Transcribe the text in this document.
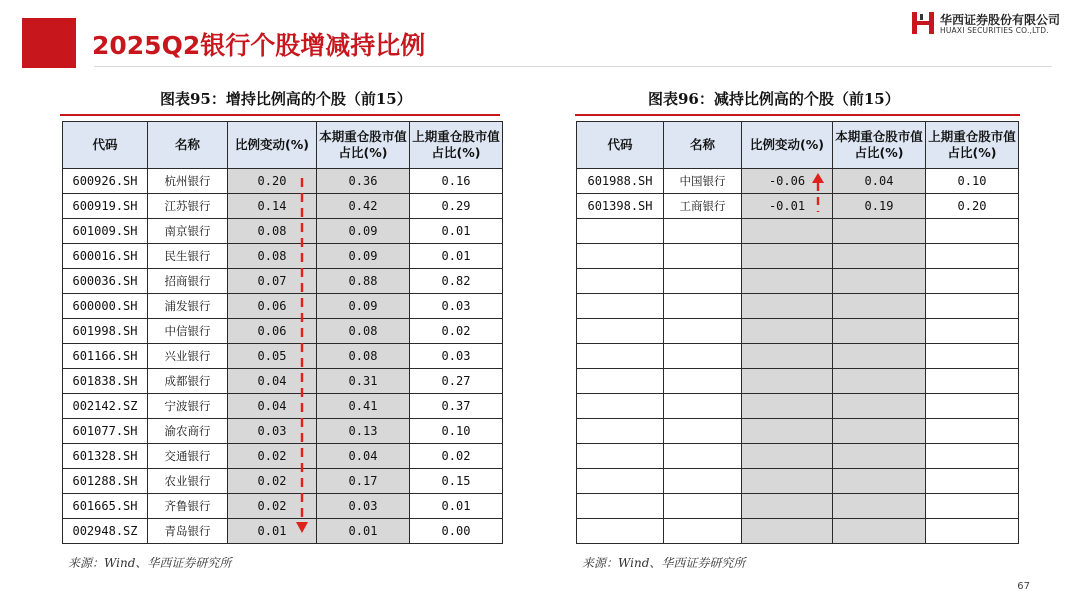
2025Q2银行个股增减持比例
华西证券股份有限公司
HUAXI SECURITIES CO.,LTD.
图表95：增持比例高的个股（前15）
代码	名称	比例变动(%)	本期重仓股市值占比(%)	上期重仓股市值占比(%)
600926.SH	杭州银行	0.20	0.36	0.16
600919.SH	江苏银行	0.14	0.42	0.29
601009.SH	南京银行	0.08	0.09	0.01
600016.SH	民生银行	0.08	0.09	0.01
600036.SH	招商银行	0.07	0.88	0.82
600000.SH	浦发银行	0.06	0.09	0.03
601998.SH	中信银行	0.06	0.08	0.02
601166.SH	兴业银行	0.05	0.08	0.03
601838.SH	成都银行	0.04	0.31	0.27
002142.SZ	宁波银行	0.04	0.41	0.37
601077.SH	渝农商行	0.03	0.13	0.10
601328.SH	交通银行	0.02	0.04	0.02
601288.SH	农业银行	0.02	0.17	0.15
601665.SH	齐鲁银行	0.02	0.03	0.01
002948.SZ	青岛银行	0.01	0.01	0.00
来源：Wind、华西证券研究所
图表96：减持比例高的个股（前15）
代码	名称	比例变动(%)	本期重仓股市值占比(%)	上期重仓股市值占比(%)
601988.SH	中国银行	-0.06	0.04	0.10
601398.SH	工商银行	-0.01	0.19	0.20

来源：Wind、华西证券研究所
67
